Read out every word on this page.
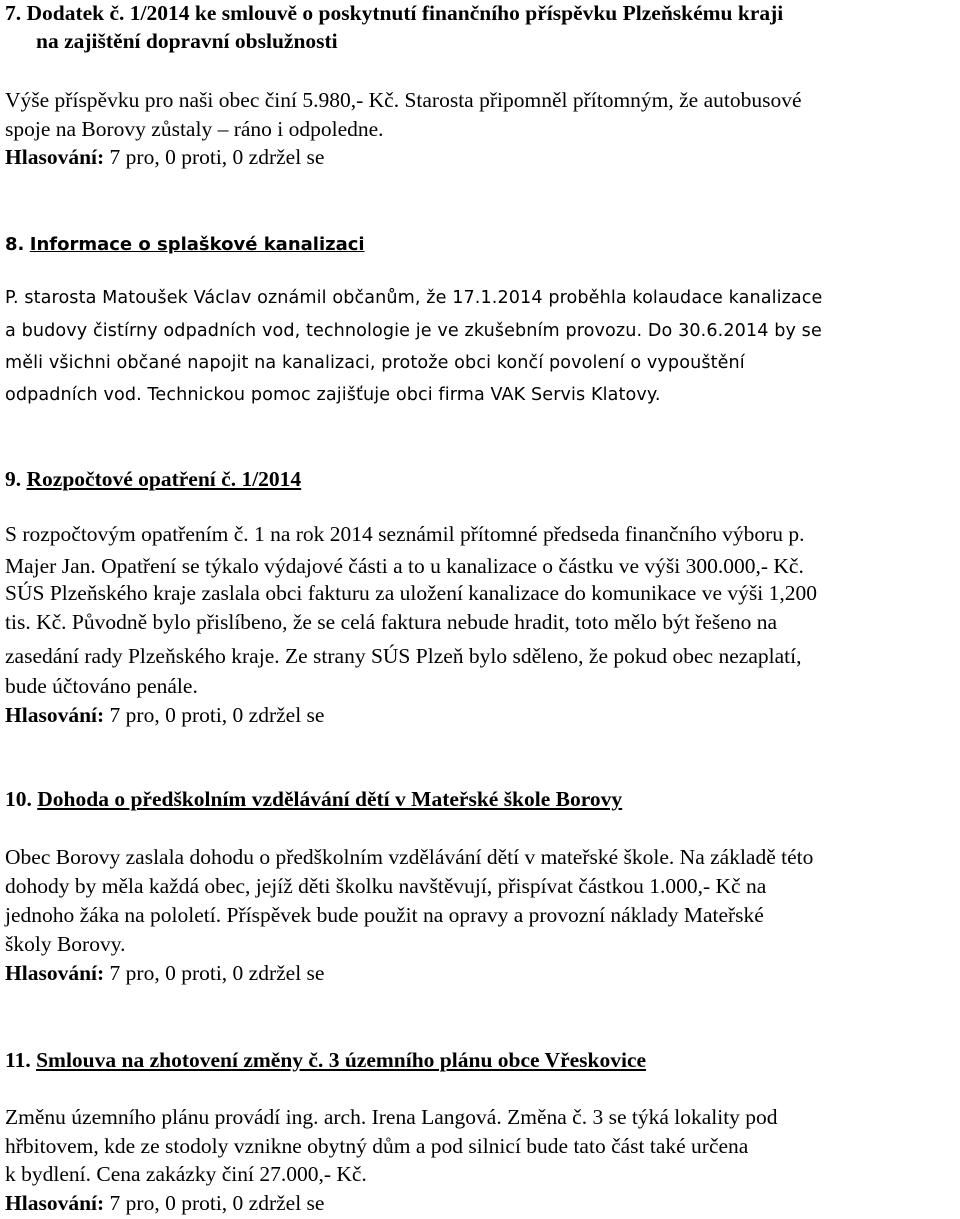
7. Dodatek č. 1/2014 ke smlouvě o poskytnutí finančního příspěvku Plzeňskému kraji
na zajištění dopravní obslužnosti
Výše příspěvku pro naši obec činí 5.980,- Kč. Starosta připomněl přítomným, že autobusové
spoje na Borovy zůstaly – ráno i odpoledne.
Hlasování: 7 pro, 0 proti, 0 zdržel se
8. Informace o splaškové kanalizaci
P. starosta Matoušek Václav oznámil občanům, že 17.1.2014 proběhla kolaudace kanalizace
a budovy čistírny odpadních vod, technologie je ve zkušebním provozu. Do 30.6.2014 by se
měli všichni občané napojit na kanalizaci, protože obci končí povolení o vypouštění
odpadních vod. Technickou pomoc zajišťuje obci firma VAK Servis Klatovy.
9. Rozpočtové opatření č. 1/2014
S rozpočtovým opatřením č. 1 na rok 2014 seznámil přítomné předseda finančního výboru p.
Majer Jan. Opatření se týkalo výdajové části a to u kanalizace o částku ve výši 300.000,- Kč.
SÚS Plzeňského kraje zaslala obci fakturu za uložení kanalizace do komunikace ve výši 1,200
tis. Kč. Původně bylo přislíbeno, že se celá faktura nebude hradit, toto mělo být řešeno na
zasedání rady Plzeňského kraje. Ze strany SÚS Plzeň bylo sděleno, že pokud obec nezaplatí,
bude účtováno penále.
Hlasování: 7 pro, 0 proti, 0 zdržel se
10. Dohoda o předškolním vzdělávání dětí v Mateřské škole Borovy
Obec Borovy zaslala dohodu o předškolním vzdělávání dětí v mateřské škole. Na základě této
dohody by měla každá obec, jejíž děti školku navštěvují, přispívat částkou 1.000,- Kč na
jednoho žáka na pololetí. Příspěvek bude použit na opravy a provozní náklady Mateřské
školy Borovy.
Hlasování: 7 pro, 0 proti, 0 zdržel se
11. Smlouva na zhotovení změny č. 3 územního plánu obce Vřeskovice
Změnu územního plánu provádí ing. arch. Irena Langová. Změna č. 3 se týká lokality pod
hřbitovem, kde ze stodoly vznikne obytný dům a pod silnicí bude tato část také určena
k bydlení. Cena zakázky činí 27.000,- Kč.
Hlasování: 7 pro, 0 proti, 0 zdržel se
